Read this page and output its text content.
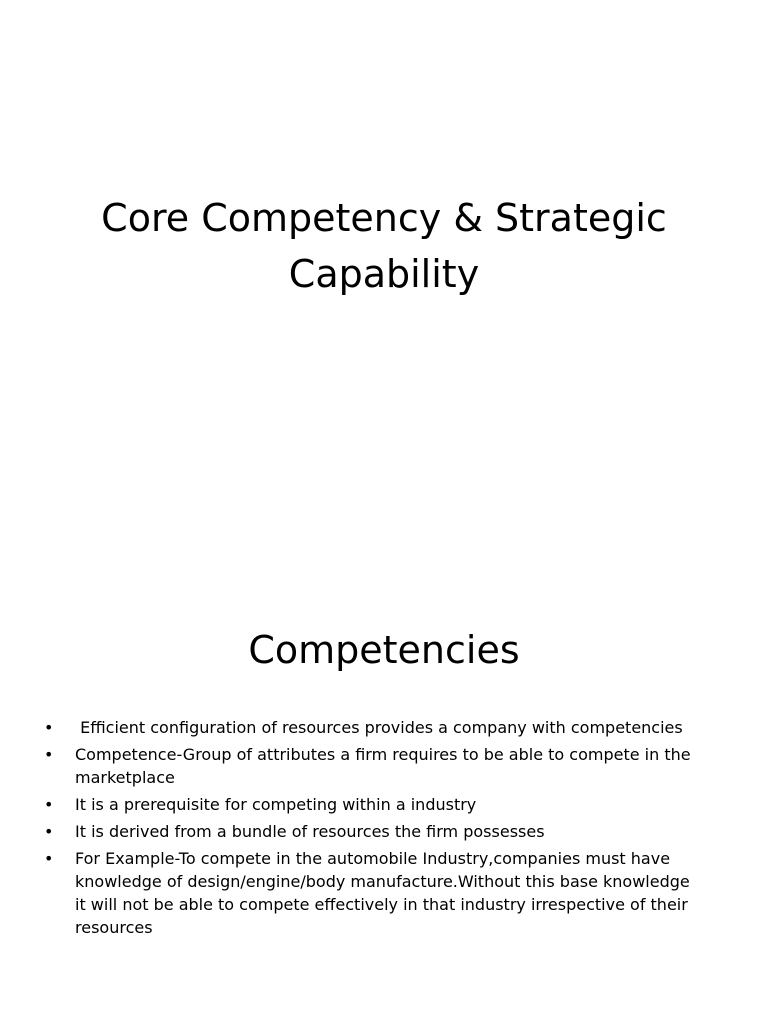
Core Competency & Strategic Capability
Competencies
• Efficient configuration of resources provides a company with competencies
• Competence-Group of attributes a firm requires to be able to compete in the marketplace
• It is a prerequisite for competing within a industry
• It is derived from a bundle of resources the firm possesses
• For Example-To compete in the automobile Industry,companies must have knowledge of design/engine/body manufacture.Without this base knowledge it will not be able to compete effectively in that industry irrespective of their resources
